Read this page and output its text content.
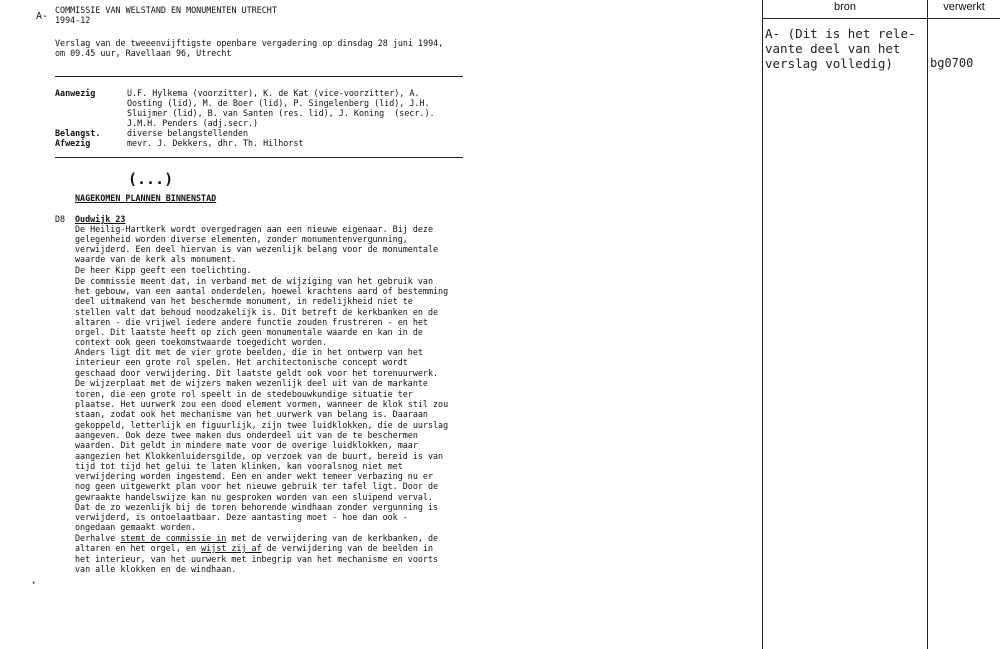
A-
COMMISSIE VAN WELSTAND EN MONUMENTEN UTRECHT
1994-12
Verslag van de tweeenvijftigste openbare vergadering op dinsdag 28 juni 1994,
om 09.45 uur, Ravellaan 96, Utrecht
Aanwezig	U.F. Hylkema (voorzitter), K. de Kat (vice-voorzitter), A.
Oosting (lid), M. de Boer (lid), P. Singelenberg (lid), J.H.
Sluijmer (lid), B. van Santen (res. lid), J. Koning  (secr.).
J.M.H. Penders (adj.secr.)
Belangst.	diverse belangstellenden
Afwezig	mevr. J. Dekkers, dhr. Th. Hilhorst
(...)
NAGEKOMEN PLANNEN BINNENSTAD
D8 Oudwijk 23
De Heilig-Hartkerk wordt overgedragen aan een nieuwe eigenaar. Bij deze
gelegenheid worden diverse elementen, zonder monumentenvergunning,
verwijderd. Een deel hiervan is van wezenlijk belang voor de monumentale
waarde van de kerk als monument.
De heer Kipp geeft een toelichting.
De commissie meent dat, in verband met de wijziging van het gebruik van
het gebouw, van een aantal onderdelen, hoewel krachtens aard of bestemming
deel uitmakend van het beschermde monument, in redelijkheid niet te
stellen valt dat behoud noodzakelijk is. Dit betreft de kerkbanken en de
altaren - die vrijwel iedere andere functie zouden frustreren - en het
orgel. Dit laatste heeft op zich geen monumentale waarde en kan in de
context ook geen toekomstwaarde toegedicht worden.
Anders ligt dit met de vier grote beelden, die in het ontwerp van het
interieur een grote rol spelen. Het architectonische concept wordt
geschaad door verwijdering. Dit laatste geldt ook voor het torenuurwerk.
De wijzerplaat met de wijzers maken wezenlijk deel uit van de markante
toren, die een grote rol speelt in de stedebouwkundige situatie ter
plaatse. Het uurwerk zou een dood element vormen, wanneer de klok stil zou
staan, zodat ook het mechanisme van het uurwerk van belang is. Daaraan
gekoppeld, letterlijk en figuurlijk, zijn twee luidklokken, die de uurslag
aangeven. Ook deze twee maken dus onderdeel uit van de te beschermen
waarden. Dit geldt in mindere mate voor de overige luidklokken, maar
aangezien het Klokkenluidersgilde, op verzoek van de buurt, bereid is van
tijd tot tijd het gelui te laten klinken, kan vooralsnog niet met
verwijdering worden ingestemd. Een en ander wekt temeer verbazing nu er
nog geen uitgewerkt plan voor het nieuwe gebruik ter tafel ligt. Door de
gewraakte handelswijze kan nu gesproken worden van een sluipend verval.
Dat de zo wezenlijk bij de toren behorende windhaan zonder vergunning is
verwijderd, is ontoelaatbaar. Deze aantasting moet - hoe dan ook -
ongedaan gemaakt worden.
Derhalve stemt de commissie in met de verwijdering van de kerkbanken, de
altaren en het orgel, en wijst zij af de verwijdering van de beelden in
het interieur, van het uurwerk met inbegrip van het mechanisme en voorts
van alle klokken en de windhaan.
·
bron	verwerkt
A- (Dit is het rele-
vante deel van het
verslag volledig)	bg0700
